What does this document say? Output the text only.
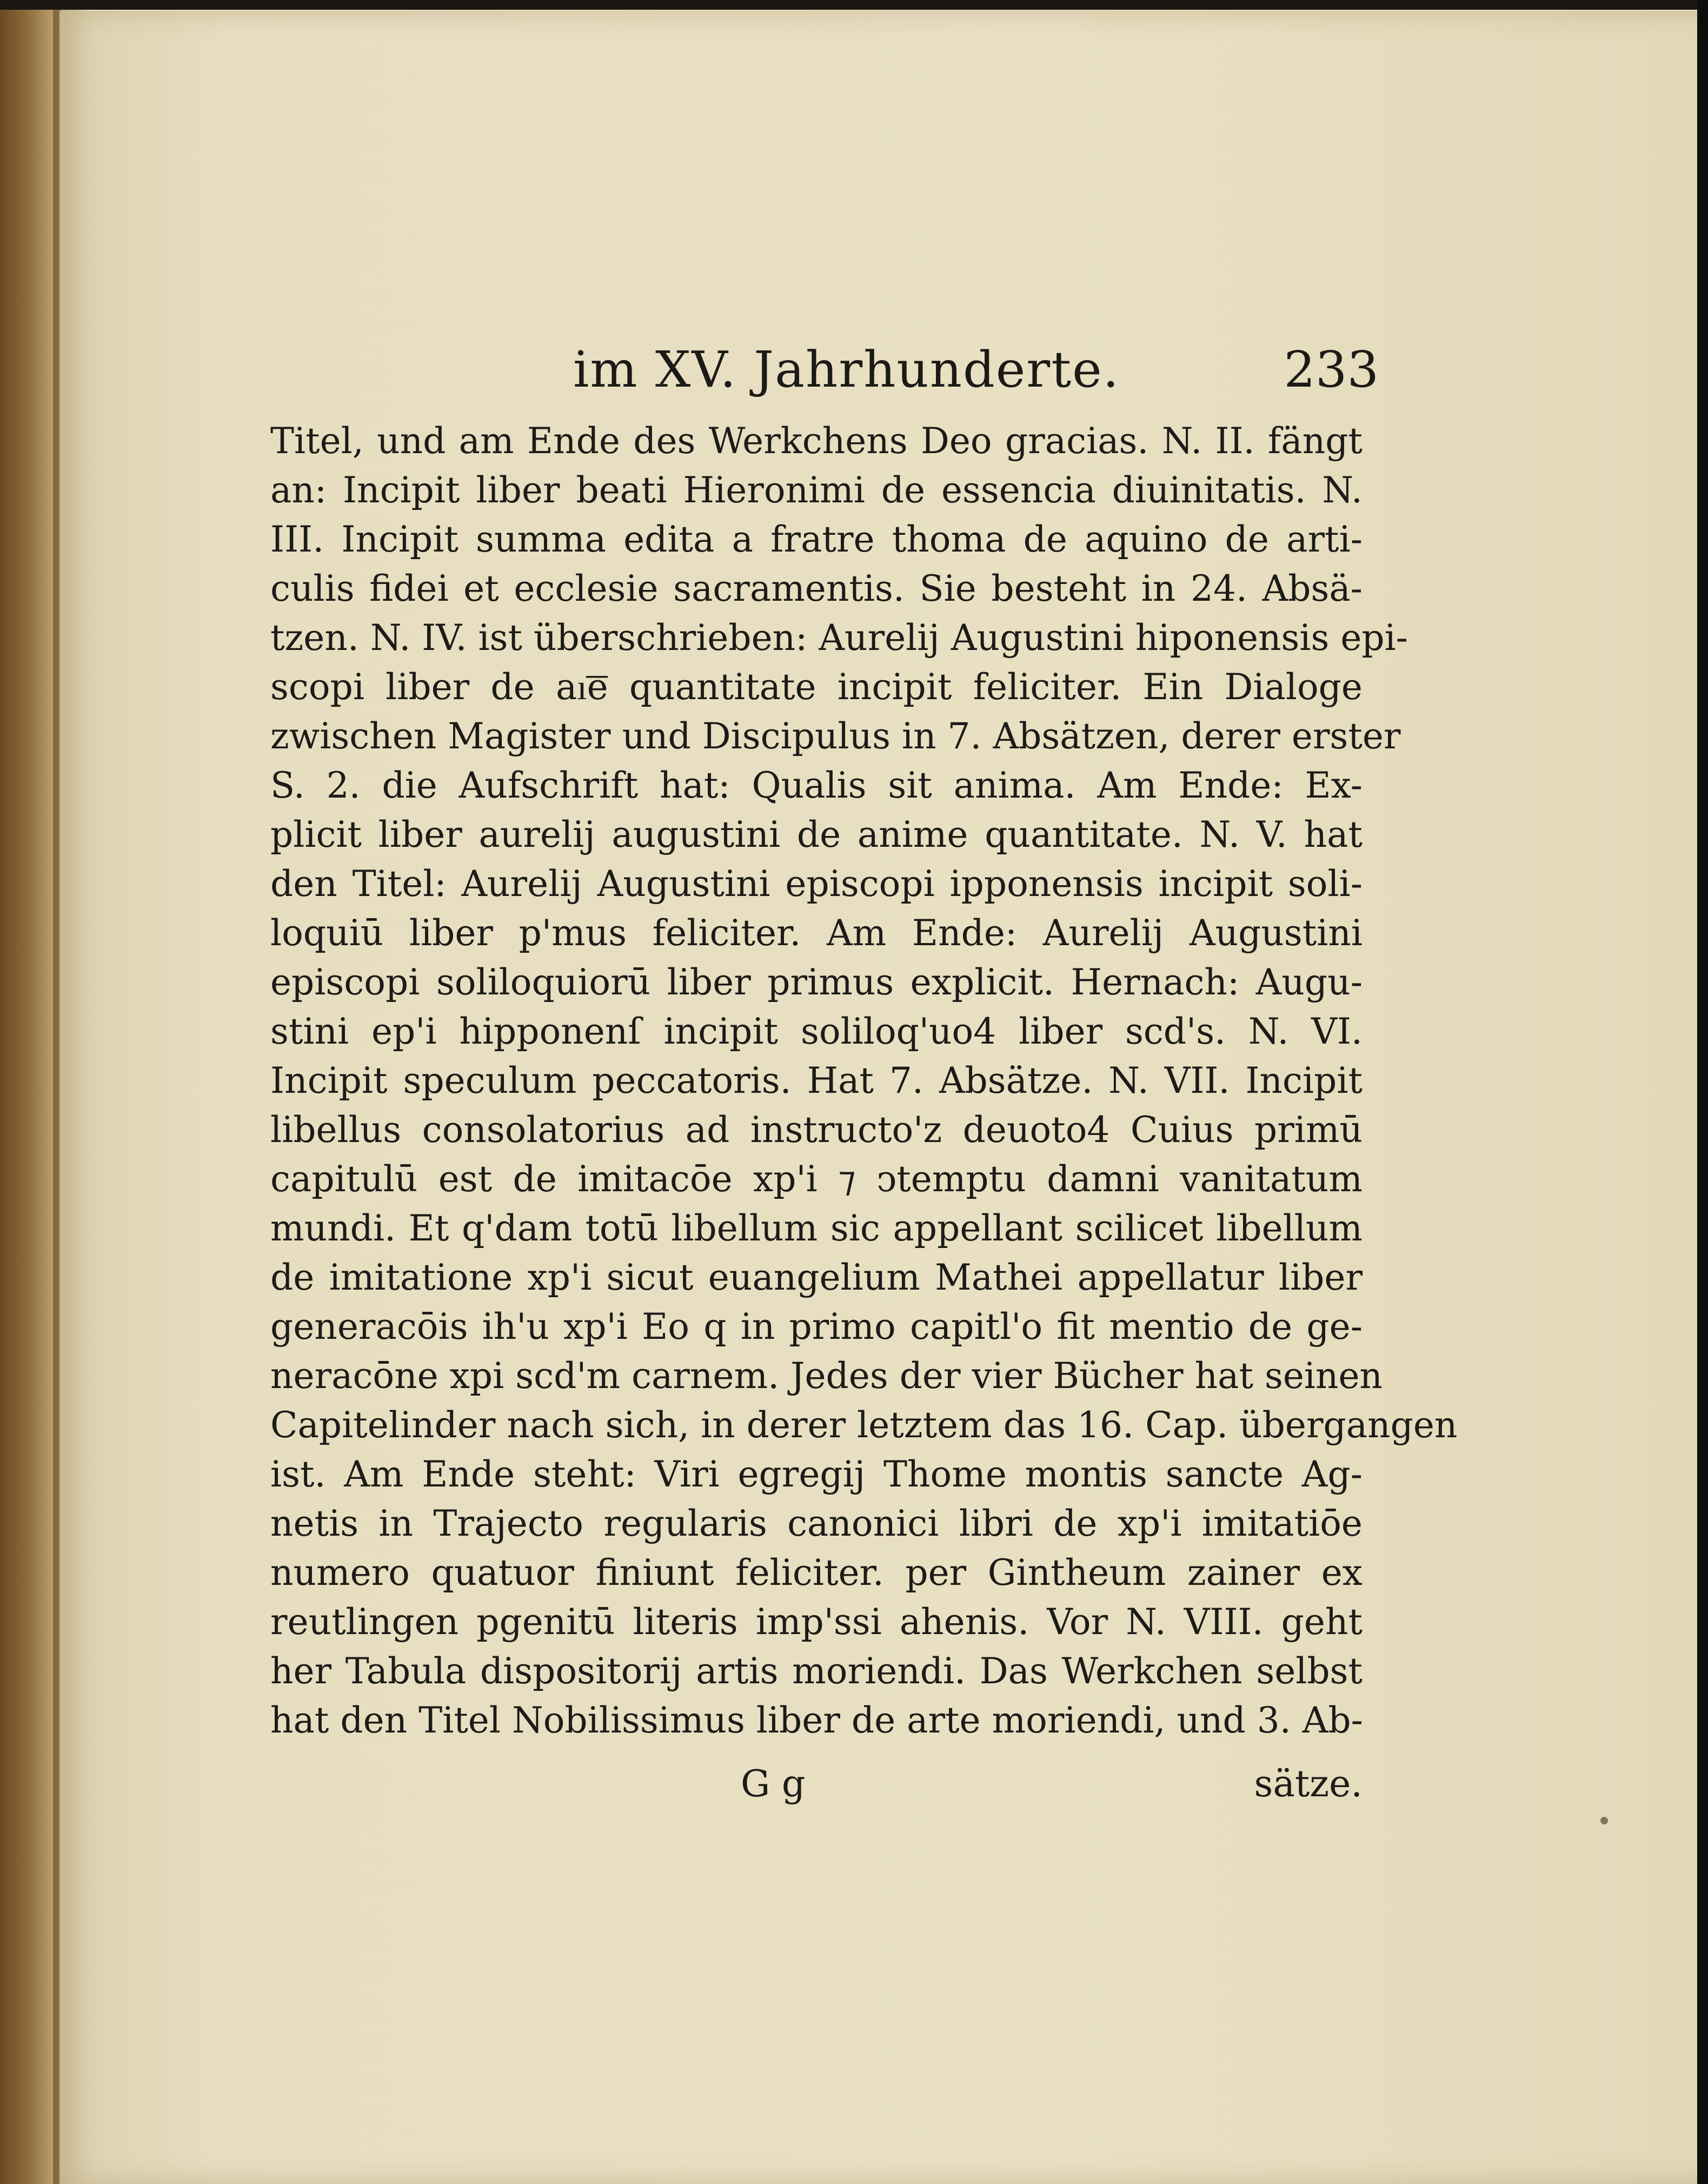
im XV. Jahrhunderte.	233
Titel, und am Ende des Werkchens Deo gracias. N. II. fängt
an: Incipit liber beati Hieronimi de essencia diuinitatis. N.
III. Incipit summa edita a fratre thoma de aquino de arti-
culis fidei et ecclesie sacramentis. Sie besteht in 24. Absä-
tzen. N. IV. ist überschrieben: Aurelij Augustini hiponensis epi-
scopi liber de aı͞e quantitate incipit feliciter. Ein Dialoge
zwischen Magister und Discipulus in 7. Absätzen, derer erster
S. 2. die Aufschrift hat: Qualis sit anima. Am Ende: Ex-
plicit liber aurelij augustini de anime quantitate. N. V. hat
den Titel: Aurelij Augustini episcopi ipponensis incipit soli-
loquiū liber p'mus feliciter. Am Ende: Aurelij Augustini
episcopi soliloquiorū liber primus explicit. Hernach: Augu-
stini ep'i hipponenſ incipit soliloq'uo4 liber scd's. N. VI.
Incipit speculum peccatoris. Hat 7. Absätze. N. VII. Incipit
libellus consolatorius ad instructo'z deuoto4 Cuius primū
capitulū est de imitacōe xp'i ⁊ ↄtemptu damni vanitatum
mundi. Et q'dam totū libellum sic appellant scilicet libellum
de imitatione xp'i sicut euangelium Mathei appellatur liber
generacōis ih'u xp'i Eo q in primo capitl'o fit mentio de ge-
neracōne xpi scd'm carnem. Jedes der vier Bücher hat seinen
Capitelinder nach sich, in derer letztem das 16. Cap. übergangen
ist. Am Ende steht: Viri egregij Thome montis sancte Ag-
netis in Trajecto regularis canonici libri de xp'i imitatiōe
numero quatuor finiunt feliciter. per Gintheum zainer ex
reutlingen pgenitū literis imp'ssi ahenis. Vor N. VIII. geht
her Tabula dispositorij artis moriendi. Das Werkchen selbst
hat den Titel Nobilissimus liber de arte moriendi, und 3. Ab-
G g	sätze.
